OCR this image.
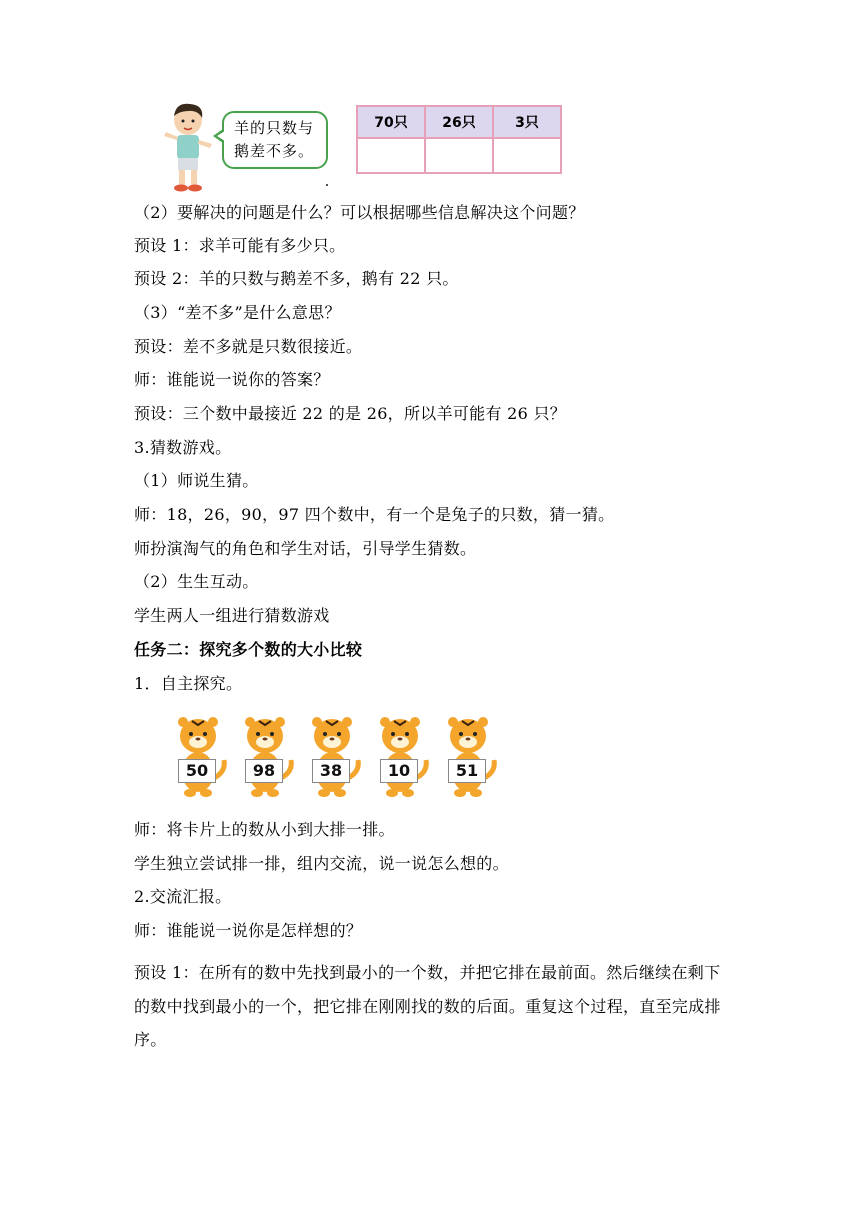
羊的只数与
鹅差不多。
70只	26只	3只

（2）要解决的问题是什么？可以根据哪些信息解决这个问题？
预设 1：求羊可能有多少只。
预设 2：羊的只数与鹅差不多，鹅有 22 只。
（3）“差不多”是什么意思？
预设：差不多就是只数很接近。
师：谁能说一说你的答案？
预设：三个数中最接近 22 的是 26，所以羊可能有 26 只？
3.猜数游戏。
（1）师说生猜。
师：18，26，90，97 四个数中，有一个是兔子的只数，猜一猜。
师扮演淘气的角色和学生对话，引导学生猜数。
（2）生生互动。
学生两人一组进行猜数游戏
任务二：探究多个数的大小比较
1．自主探究。
50	98	38	10	51
师：将卡片上的数从小到大排一排。
学生独立尝试排一排，组内交流，说一说怎么想的。
2.交流汇报。
师：谁能说一说你是怎样想的？
预设 1：在所有的数中先找到最小的一个数，并把它排在最前面。然后继续在剩下的数中找到最小的一个，把它排在刚刚找的数的后面。重复这个过程，直至完成排序。
